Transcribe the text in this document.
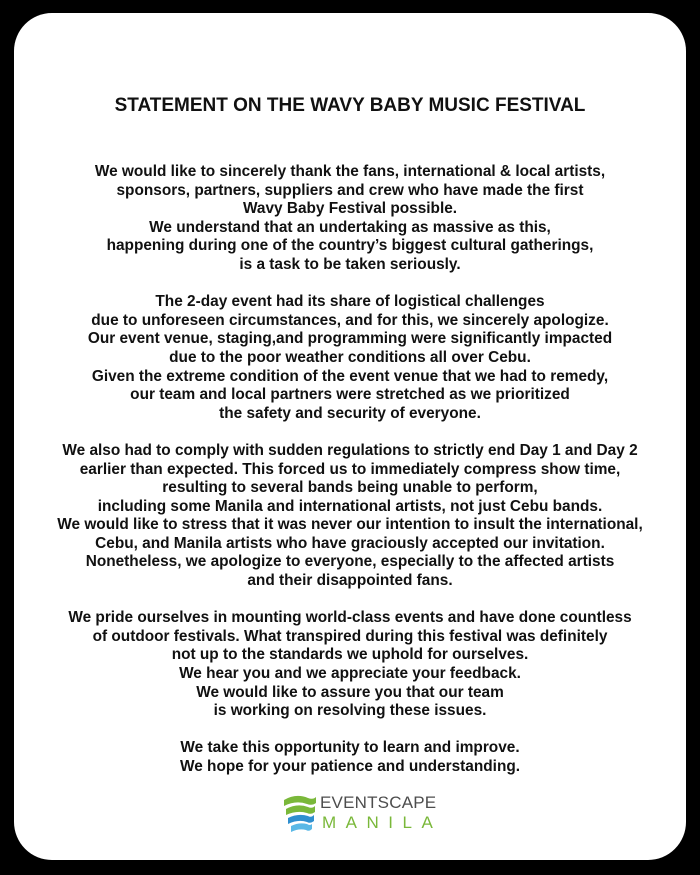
STATEMENT ON THE WAVY BABY MUSIC FESTIVAL

We would like to sincerely thank the fans, international & local artists,
sponsors, partners, suppliers and crew who have made the first
Wavy Baby Festival possible.
We understand that an undertaking as massive as this,
happening during one of the country’s biggest cultural gatherings,
is a task to be taken seriously.

The 2-day event had its share of logistical challenges
due to unforeseen circumstances, and for this, we sincerely apologize.
Our event venue, staging,and programming were significantly impacted
due to the poor weather conditions all over Cebu.
Given the extreme condition of the event venue that we had to remedy,
our team and local partners were stretched as we prioritized
the safety and security of everyone.

We also had to comply with sudden regulations to strictly end Day 1 and Day 2
earlier than expected. This forced us to immediately compress show time,
resulting to several bands being unable to perform,
including some Manila and international artists, not just Cebu bands.
We would like to stress that it was never our intention to insult the international,
Cebu, and Manila artists who have graciously accepted our invitation.
Nonetheless, we apologize to everyone, especially to the affected artists
and their disappointed fans.

We pride ourselves in mounting world-class events and have done countless
of outdoor festivals. What transpired during this festival was definitely
not up to the standards we uphold for ourselves.
We hear you and we appreciate your feedback.
We would like to assure you that our team
is working on resolving these issues.

We take this opportunity to learn and improve.
We hope for your patience and understanding.

EVENTSCAPE
MANILA
